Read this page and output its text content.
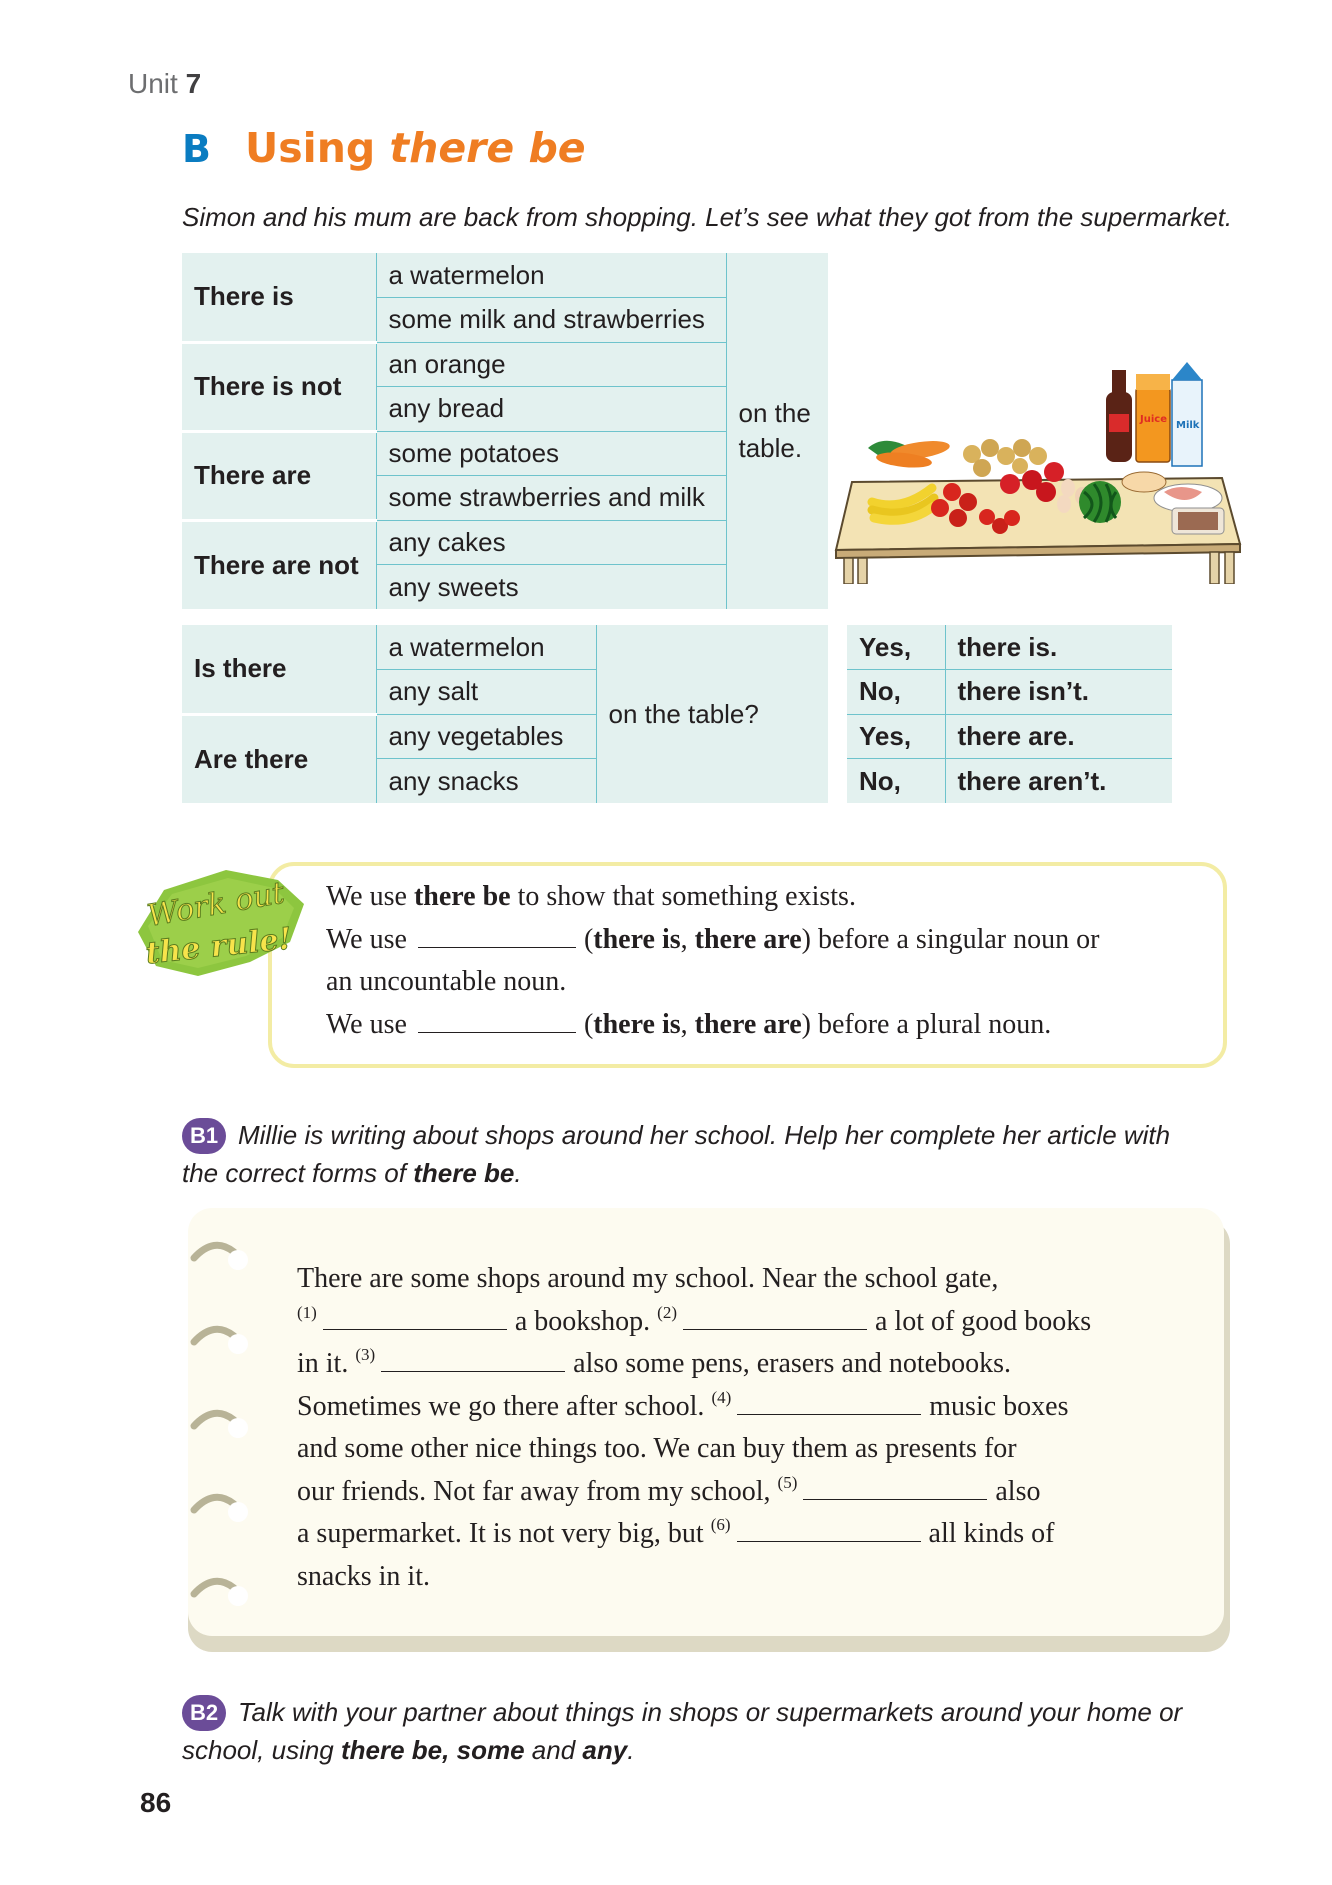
Unit 7
B Using there be
Simon and his mum are back from shopping. Let’s see what they got from the supermarket.
There is	a watermelon	on the table.
	some milk and strawberries	
There is not	an orange	
	any bread	
There are	some potatoes	
	some strawberries and milk	
There are not	any cakes	
	any sweets	
Juice
Milk
Is there	a watermelon	on the table?
	any salt	
Are there	any vegetables	
	any snacks	
Yes,	there is.
No,	there isn’t.
Yes,	there are.
No,	there aren’t.
Work out
the rule!
We use there be to show that something exists.
We use	(there is, there are) before a singular noun or
an uncountable noun.
We use	(there is, there are) before a plural noun.
B1 Millie is writing about shops around her school. Help her complete her article with
the correct forms of there be.
There are some shops around my school. Near the school gate,
$^{(1)}$	a bookshop. $^{(2)}$	a lot of good books
in it. $^{(3)}$	also some pens, erasers and notebooks.
Sometimes we go there after school. $^{(4)}$	music boxes
and some other nice things too. We can buy them as presents for
our friends. Not far away from my school, $^{(5)}$	also
a supermarket. It is not very big, but $^{(6)}$	all kinds of
snacks in it.
B2 Talk with your partner about things in shops or supermarkets around your home or
school, using there be, some and any.
86
